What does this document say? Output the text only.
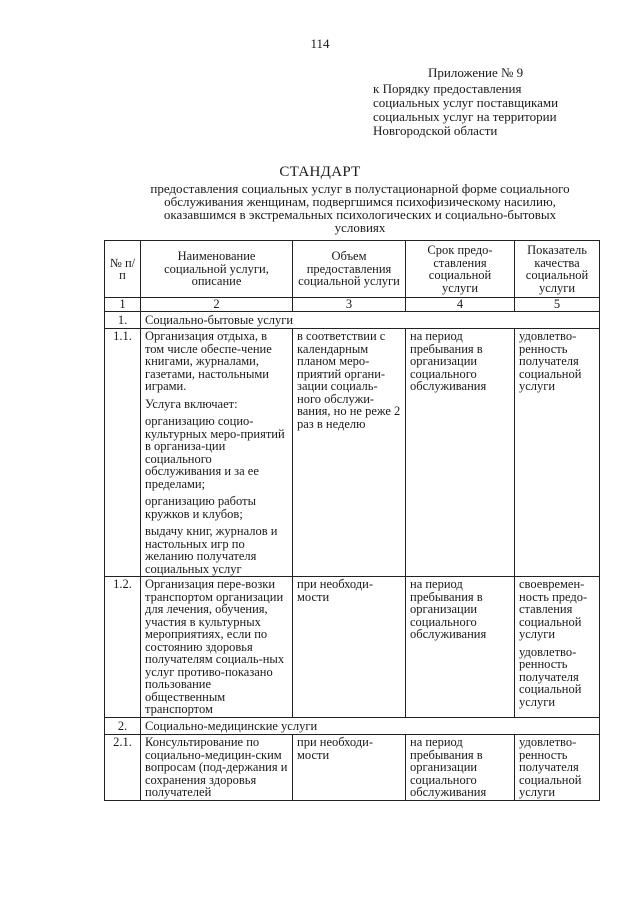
114
Приложение № 9
к Порядку предоставления
социальных услуг поставщиками
социальных услуг на территории
Новгородской области
СТАНДАРТ
предоставления социальных услуг в полустационарной форме социального
обслуживания женщинам, подвергшимся психофизическому насилию,
оказавшимся в экстремальных психологических и социально-бытовых
условиях
№ п/п	Наименование социальной услуги, описание	Объем предоставления социальной услуги	Срок предо-ставления социальной услуги	Показатель качества социальной услуги
1	2	3	4	5
1.	Социально-бытовые услуги			
1.1.	Организация отдыха, в том числе обеспе-чение книгами, журналами, газетами, настольными играми.
Услуга включает:
организацию социо-культурных меро-приятий в организа-ции социального обслуживания и за ее пределами;
организацию работы кружков и клубов;
выдачу книг, журналов и настольных игр по желанию получателя социальных услуг	в соответствии с календарным планом меро-приятий органи-зации социаль-ного обслужи-вания, но не реже 2 раз в неделю	на период пребывания в организации социального обслуживания	удовлетво-ренность получателя социальной услуги

1.2.	Организация пере-возки транспортом организации для лечения, обучения, участия в культурных мероприятиях, если по состоянию здоровья получателям социаль-ных услуг противо-показано пользование общественным транспортом	при необходи-мости	на период пребывания в организации социального обслуживания	своевремен-ность предо-ставления социальной услуги
удовлетво-ренность получателя социальной услуги

2.	Социально-медицинские услуги			
2.1.	Консультирование по социально-медицин-ским вопросам (под-держания и сохранения здоровья получателей	при необходи-мости	на период пребывания в организации социального обслуживания	удовлетво-ренность получателя социальной услуги
